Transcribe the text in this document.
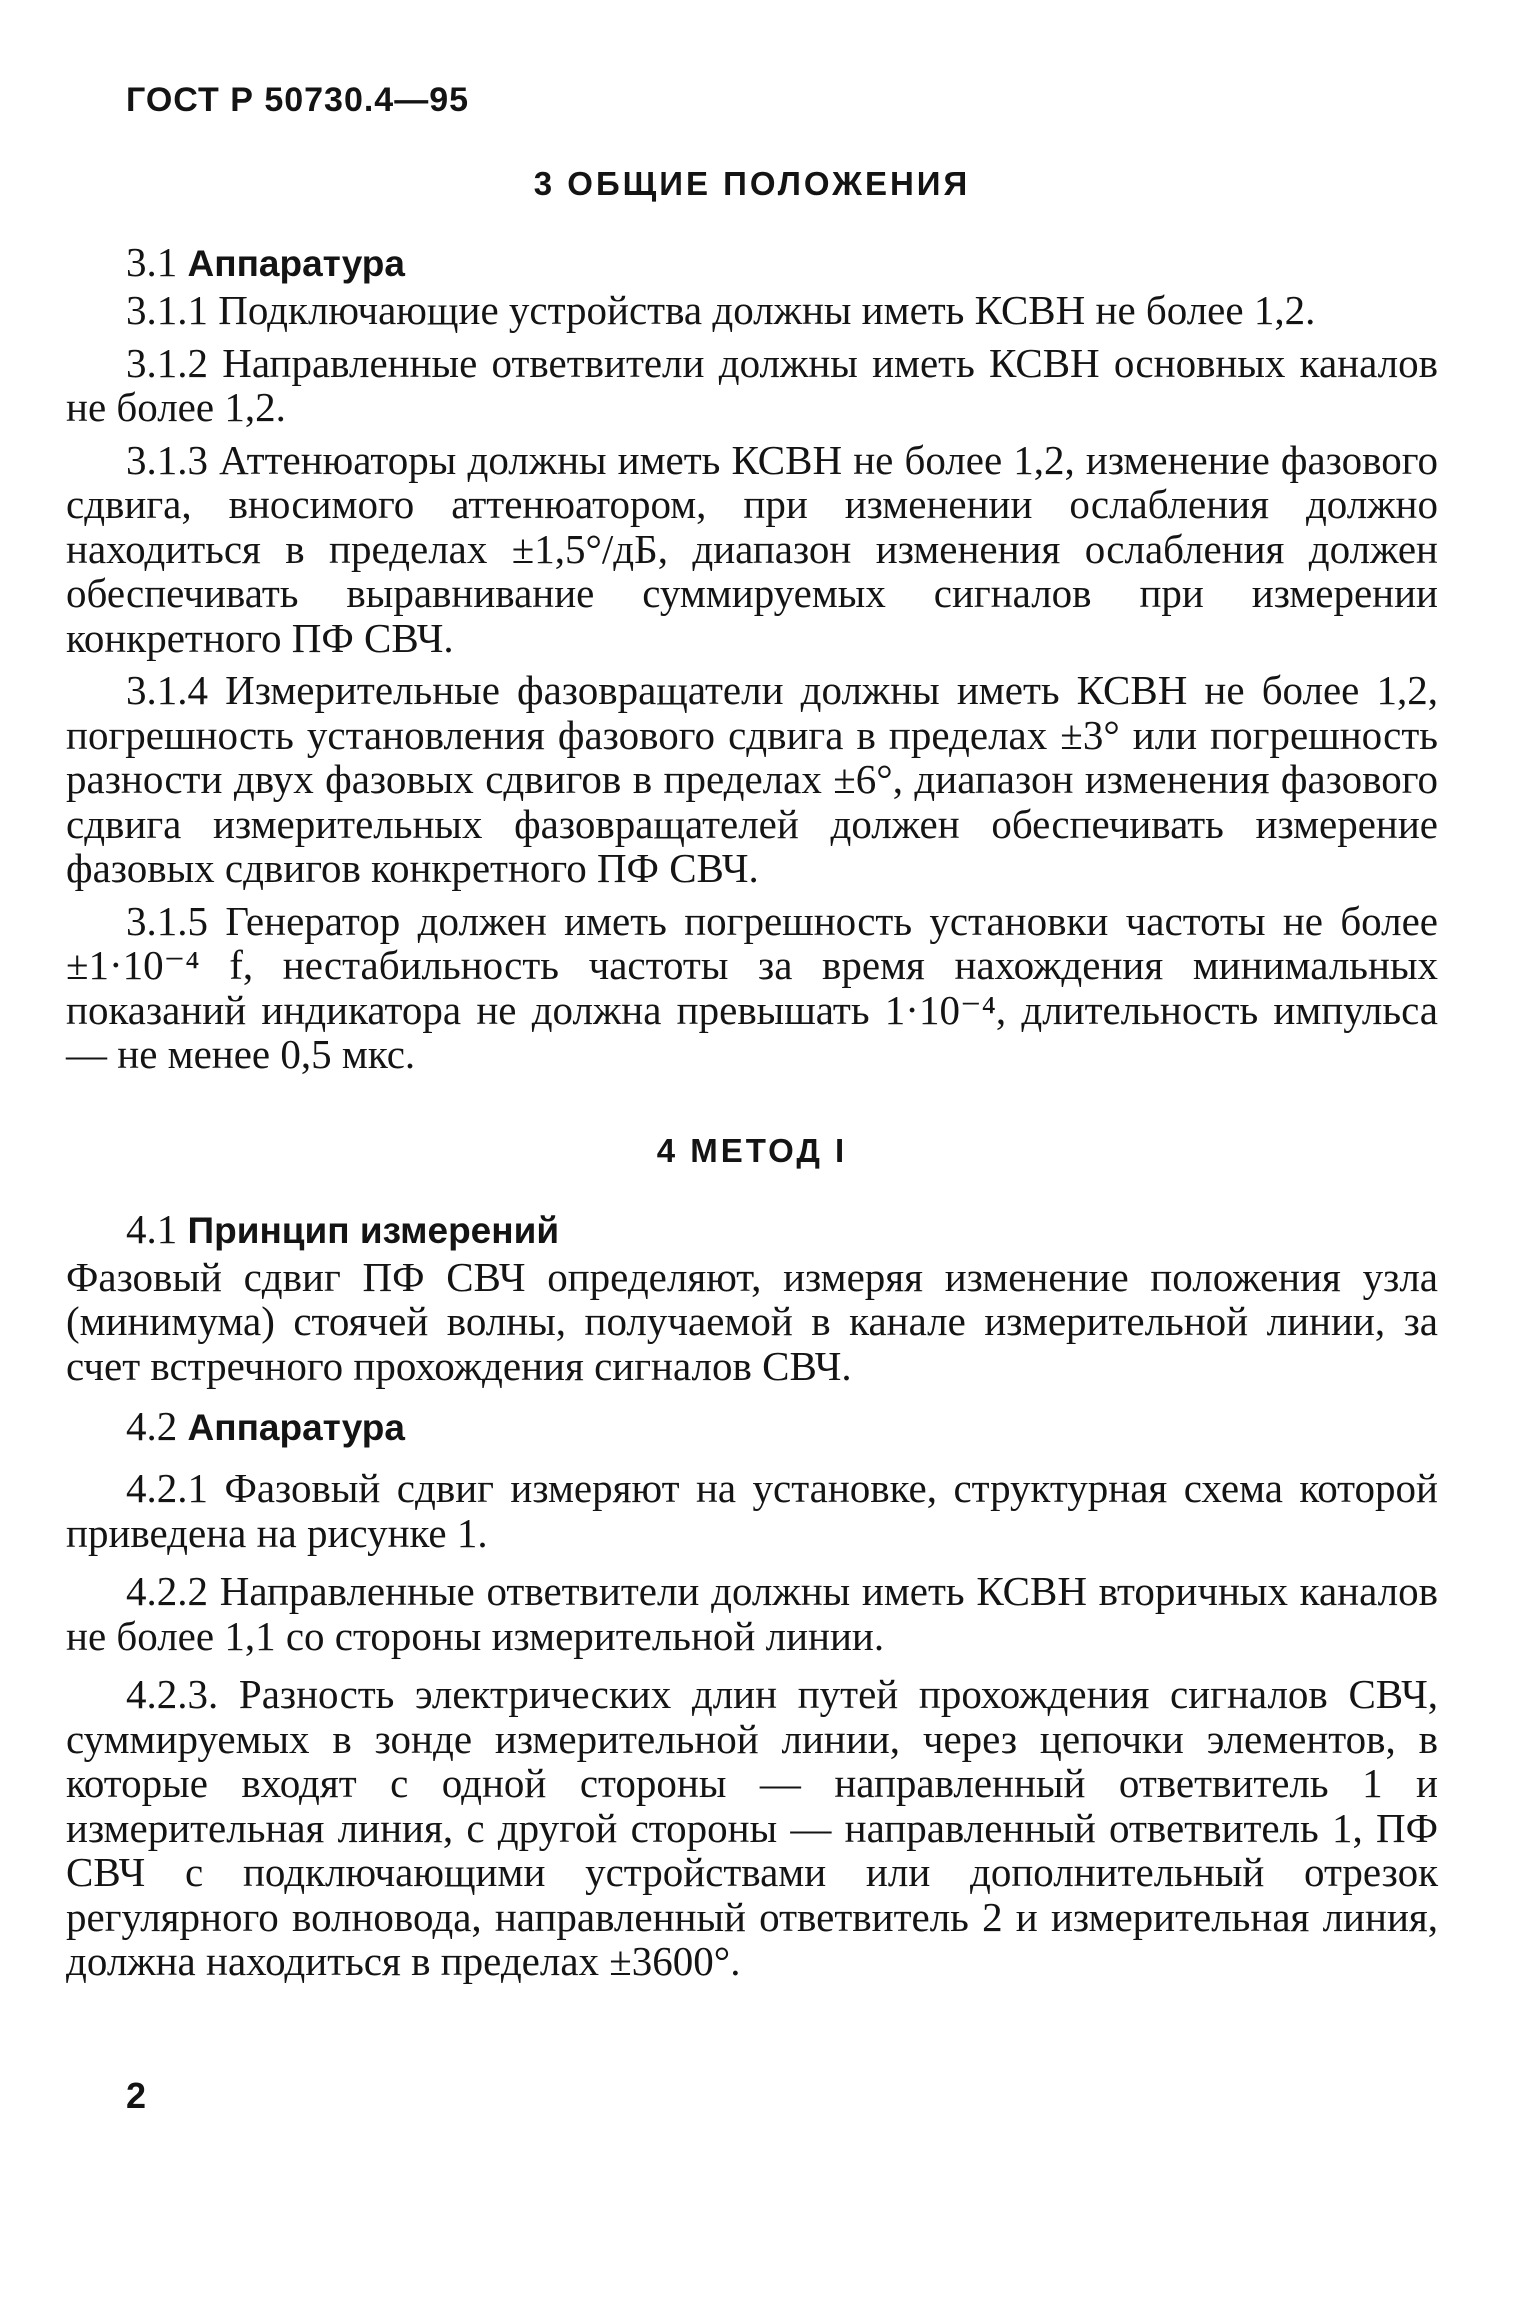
ГОСТ Р 50730.4—95

3 ОБЩИЕ ПОЛОЖЕНИЯ

3.1 Аппаратура

3.1.1 Подключающие устройства должны иметь КСВН не более 1,2.

3.1.2 Направленные ответвители должны иметь КСВН основных каналов не более 1,2.

3.1.3 Аттенюаторы должны иметь КСВН не более 1,2, изменение фазового сдвига, вносимого аттенюатором, при изменении ослабления должно находиться в пределах ±1,5°/дБ, диапазон изменения ослабления должен обеспечивать выравнивание суммируемых сигналов при измерении конкретного ПФ СВЧ.

3.1.4 Измерительные фазовращатели должны иметь КСВН не более 1,2, погрешность установления фазового сдвига в пределах ±3° или погрешность разности двух фазовых сдвигов в пределах ±6°, диапазон изменения фазового сдвига измерительных фазовращателей должен обеспечивать измерение фазовых сдвигов конкретного ПФ СВЧ.

3.1.5 Генератор должен иметь погрешность установки частоты не более ±1·10⁻⁴ f, нестабильность частоты за время нахождения минимальных показаний индикатора не должна превышать 1·10⁻⁴, длительность импульса — не менее 0,5 мкс.

4 МЕТОД I

4.1 Принцип измерений

Фазовый сдвиг ПФ СВЧ определяют, измеряя изменение положения узла (минимума) стоячей волны, получаемой в канале измерительной линии, за счет встречного прохождения сигналов СВЧ.

4.2 Аппаратура

4.2.1 Фазовый сдвиг измеряют на установке, структурная схема которой приведена на рисунке 1.

4.2.2 Направленные ответвители должны иметь КСВН вторичных каналов не более 1,1 со стороны измерительной линии.

4.2.3. Разность электрических длин путей прохождения сигналов СВЧ, суммируемых в зонде измерительной линии, через цепочки элементов, в которые входят с одной стороны — направленный ответвитель 1 и измерительная линия, с другой стороны — направленный ответвитель 1, ПФ СВЧ с подключающими устройствами или дополнительный отрезок регулярного волновода, направленный ответвитель 2 и измерительная линия, должна находиться в пределах ±3600°.

2
